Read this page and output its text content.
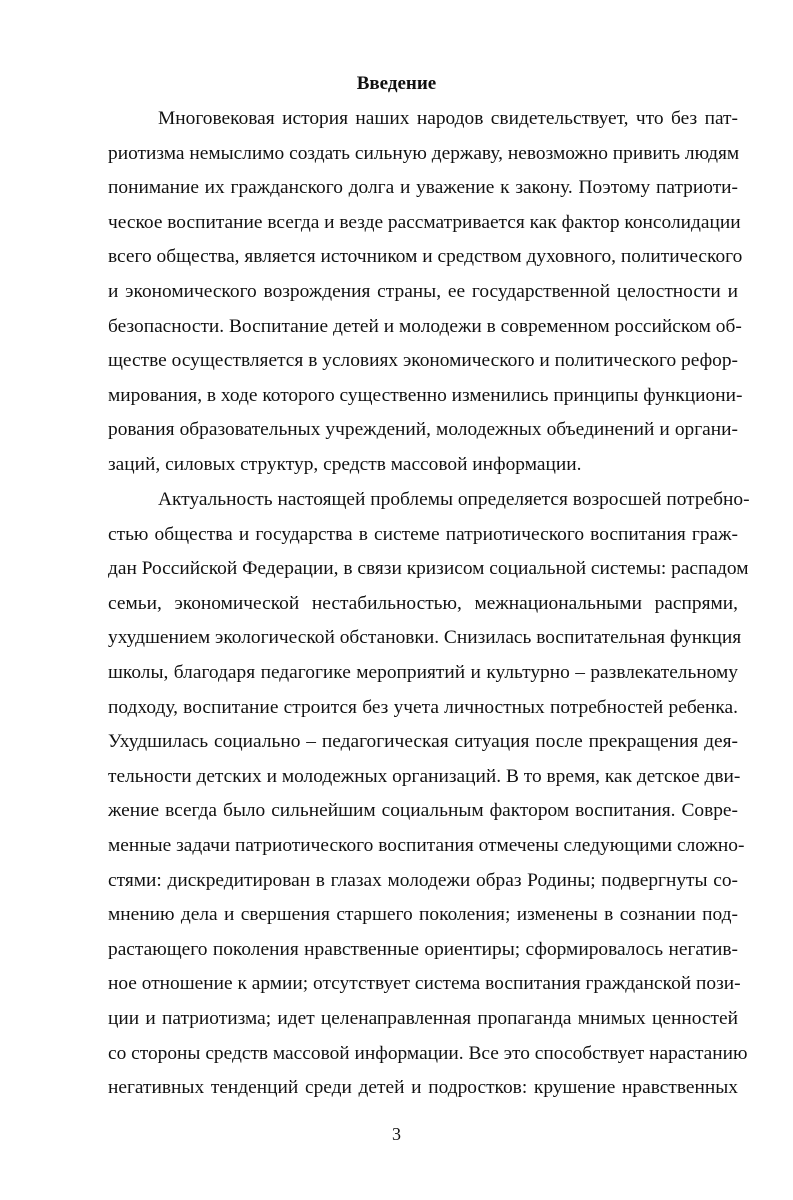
Введение
Многовековая история наших народов свидетельствует, что без пат-
риотизма немыслимо создать сильную державу, невозможно привить людям
понимание их гражданского долга и уважение к закону. Поэтому патриоти-
ческое воспитание всегда и везде рассматривается как фактор консолидации
всего общества, является источником и средством духовного, политического
и экономического возрождения страны, ее государственной целостности и
безопасности. Воспитание детей и молодежи в современном российском об-
ществе осуществляется в условиях экономического и политического рефор-
мирования, в ходе которого существенно изменились принципы функциони-
рования образовательных учреждений, молодежных объединений и органи-
заций, силовых структур, средств массовой информации.
Актуальность настоящей проблемы определяется возросшей потребно-
стью общества и государства в системе патриотического воспитания граж-
дан Российской Федерации, в связи кризисом социальной системы: распадом
семьи, экономической нестабильностью, межнациональными распрями,
ухудшением экологической обстановки. Снизилась воспитательная функция
школы, благодаря педагогике мероприятий и культурно – развлекательному
подходу, воспитание строится без учета личностных потребностей ребенка.
Ухудшилась социально – педагогическая ситуация после прекращения дея-
тельности детских и молодежных организаций. В то время, как детское дви-
жение всегда было сильнейшим социальным фактором воспитания. Совре-
менные задачи патриотического воспитания отмечены следующими сложно-
стями: дискредитирован в глазах молодежи образ Родины; подвергнуты со-
мнению дела и свершения старшего поколения; изменены в сознании под-
растающего поколения нравственные ориентиры; сформировалось негатив-
ное отношение к армии; отсутствует система воспитания гражданской пози-
ции и патриотизма; идет целенаправленная пропаганда мнимых ценностей
со стороны средств массовой информации. Все это способствует нарастанию
негативных тенденций среди детей и подростков: крушение нравственных
3
